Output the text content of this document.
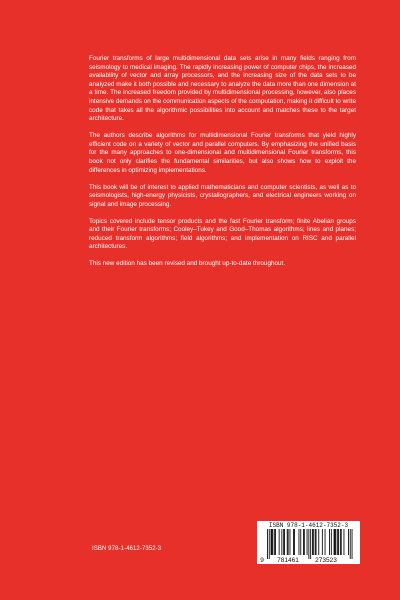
Fourier transforms of large multidimensional data sets arise in many fields ranging from seismology to medical imaging. The rapidly increasing power of computer chips, the increased availability of vector and array processors, and the increasing size of the data sets to be analyzed make it both possible and necessary to analyze the data more than one dimension at a time. The increased freedom provided by multidimensional processing, however, also places intensive demands on the communication aspects of the computation, making it difficult to write code that takes all the algorithmic possibilities into account and matches these to the target architecture.

The authors describe algorithms for multidimensional Fourier transforms that yield highly efficient code on a variety of vector and parallel computers. By emphasizing the unified basis for the many approaches to one-dimensional and multidimensional Fourier transforms, this book not only clarifies the fundamental similarities, but also shows how to exploit the differences in optimizing implementations.

This book will be of interest to applied mathematicians and computer scientists, as well as to seismologists, high-energy physicists, crystallographers, and electrical engineers working on signal and image processing.

Topics covered include tensor products and the fast Fourier transform; finite Abelian groups and their Fourier transforms; Cooley–Tukey and Good–Thomas algorithms; lines and planes; reduced transform algorithms; field algorithms; and implementation on RISC and parallel architectures.

This new edition has been revised and brought up-to-date throughout.

ISBN 978-1-4612-7352-3
ISBN 978-1-4612-7352-3
9 781461	273523
